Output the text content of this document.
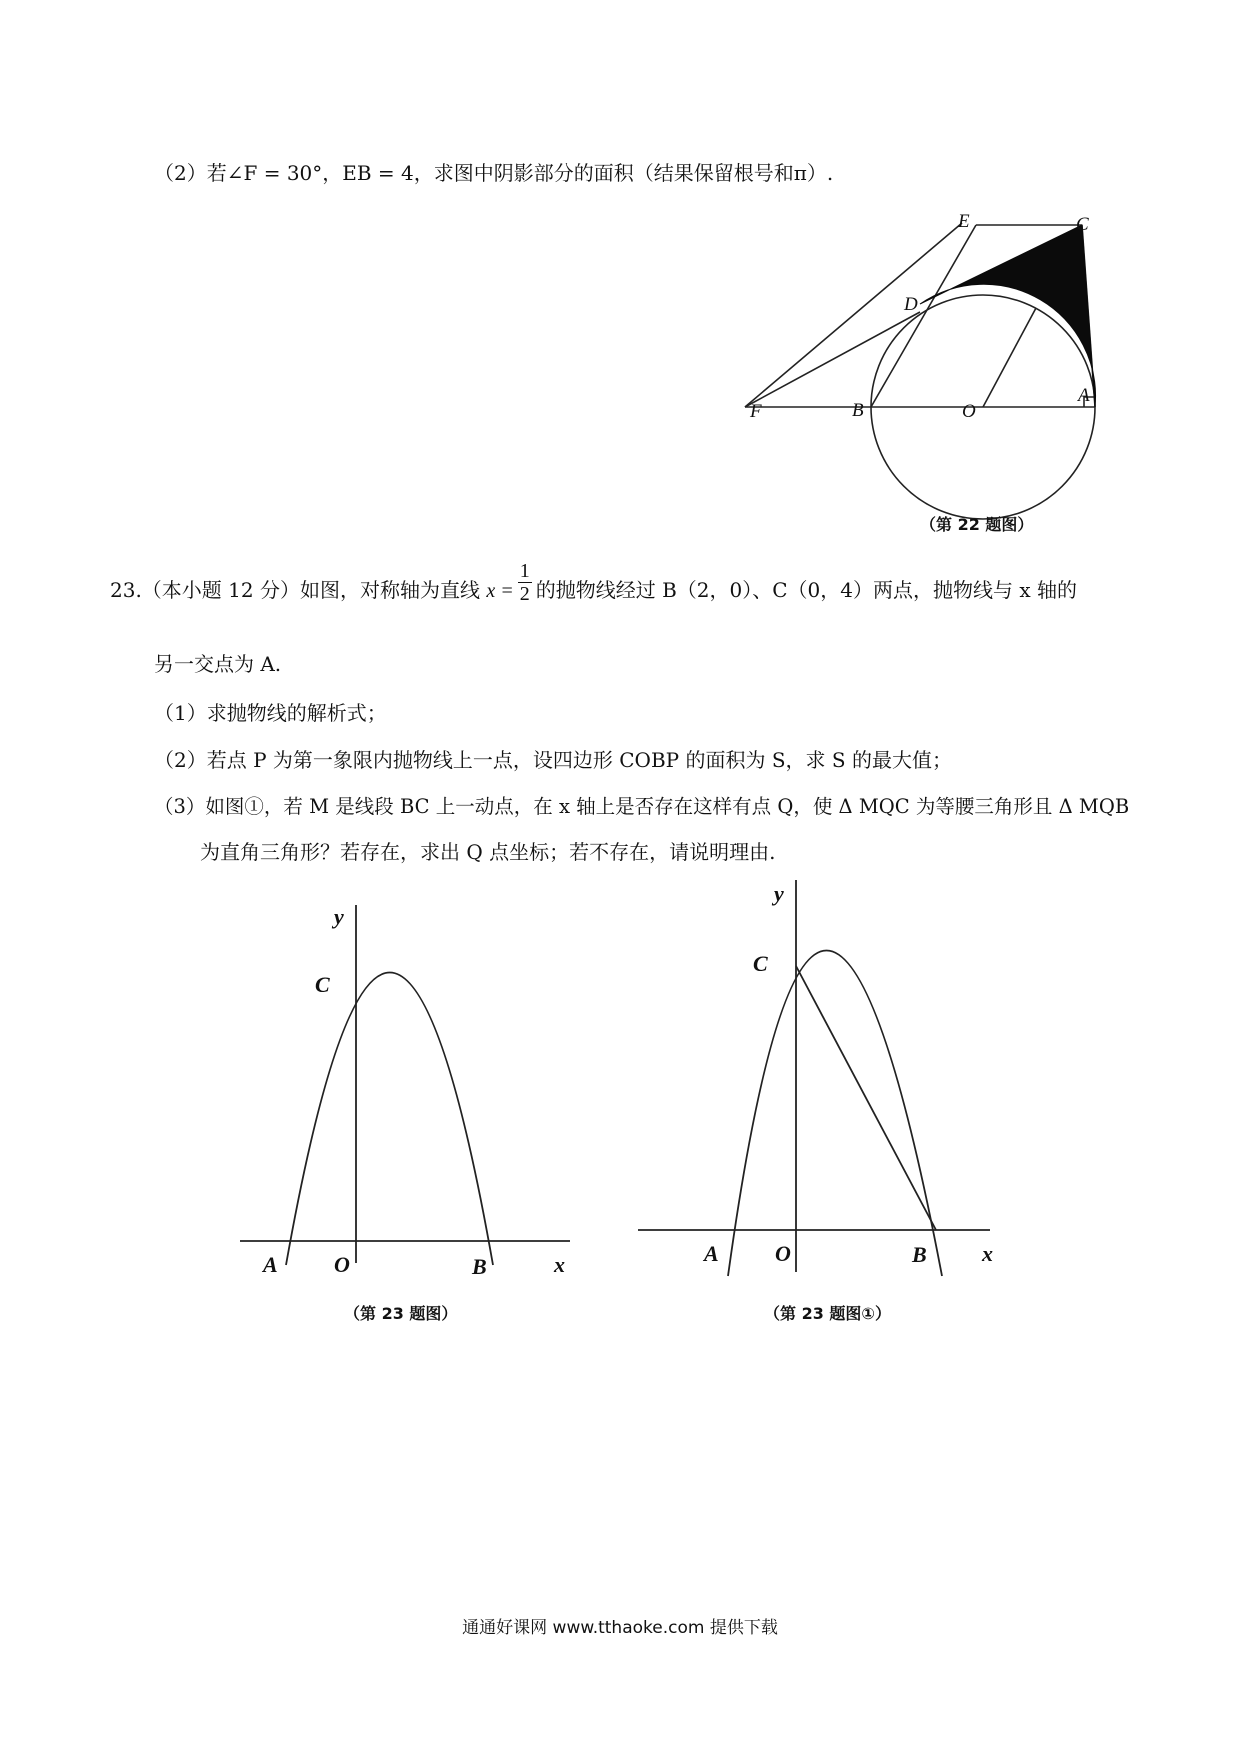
（2）若∠F = 30°，EB = 4，求图中阴影部分的面积（结果保留根号和π）.
E	C
D
F	B	O
A
（第 22 题图）
y
C
A	O	B	x
（第 23 题图）
y
C
A	O	B	x
（第 23 题图①）
23.（本小题 12 分）如图，对称轴为直线 $x = \frac{1}{2}$ 的抛物线经过 B（2，0）、C（0，4）两点，抛物线与 x 轴的
另一交点为 A.
（1）求抛物线的解析式；
（2）若点 P 为第一象限内抛物线上一点，设四边形 COBP 的面积为 S，求 S 的最大值；
（3）如图①，若 M 是线段 BC 上一动点，在 x 轴上是否存在这样有点 Q，使 Δ MQC 为等腰三角形且 Δ MQB
为直角三角形？若存在，求出 Q 点坐标；若不存在，请说明理由.
通通好课网 www.tthaoke.com 提供下载
